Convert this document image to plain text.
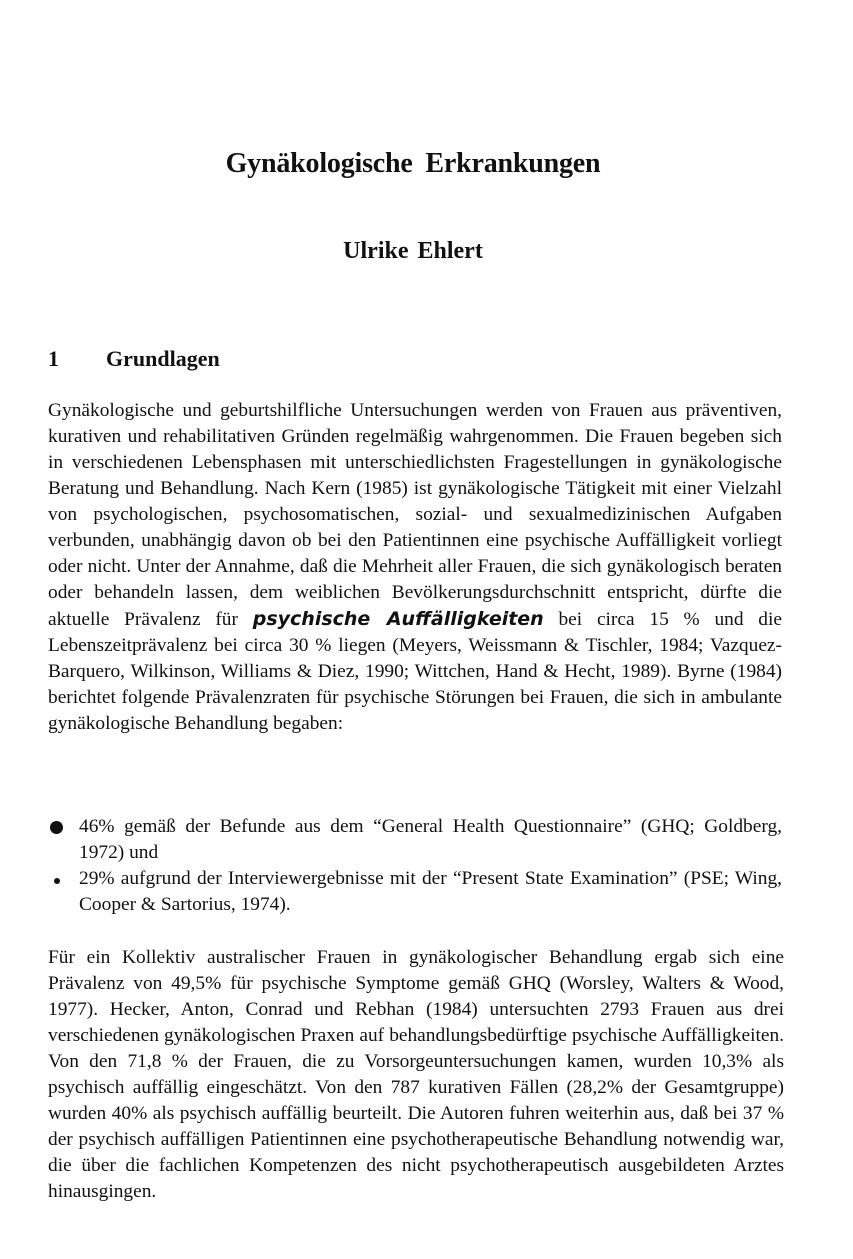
Gynäkologische Erkrankungen
Ulrike Ehlert
1 Grundlagen

Gynäkologische und geburtshilfliche Untersuchungen werden von Frauen aus präventiven, kurativen und rehabilitativen Gründen regelmäßig wahrgenommen. Die Frauen begeben sich in verschiedenen Lebensphasen mit unterschiedlichsten Fragestellungen in gynäkologische Beratung und Behandlung. Nach Kern (1985) ist gynäkologische Tätigkeit mit einer Vielzahl von psychologischen, psychosomatischen, sozial- und sexualmedizinischen Aufgaben verbunden, unabhängig davon ob bei den Patientinnen eine psychische Auffälligkeit vorliegt oder nicht. Unter der Annahme, daß die Mehrheit aller Frauen, die sich gynäkologisch beraten oder behandeln lassen, dem weiblichen Bevölkerungsdurchschnitt entspricht, dürfte die aktuelle Prävalenz für psychische Auffälligkeiten bei circa 15 % und die Lebenszeitprävalenz bei circa 30 % liegen (Meyers, Weissmann & Tischler, 1984; Vazquez-Barquero, Wilkinson, Williams & Diez, 1990; Wittchen, Hand & Hecht, 1989). Byrne (1984) berichtet folgende Prävalenzraten für psychische Störungen bei Frauen, die sich in ambulante gynäkologische Behandlung begaben:

46% gemäß der Befunde aus dem “General Health Questionnaire” (GHQ; Goldberg, 1972) und
29% aufgrund der Interviewergebnisse mit der “Present State Examination” (PSE; Wing, Cooper & Sartorius, 1974).

Für ein Kollektiv australischer Frauen in gynäkologischer Behandlung ergab sich eine Prävalenz von 49,5% für psychische Symptome gemäß GHQ (Worsley, Walters & Wood, 1977). Hecker, Anton, Conrad und Rebhan (1984) untersuchten 2793 Frauen aus drei verschiedenen gynäkologischen Praxen auf behandlungsbedürftige psychische Auffälligkeiten. Von den 71,8 % der Frauen, die zu Vorsorgeuntersuchungen kamen, wurden 10,3% als psychisch auffällig eingeschätzt. Von den 787 kurativen Fällen (28,2% der Gesamtgruppe) wurden 40% als psychisch auffällig beurteilt. Die Autoren fuhren weiterhin aus, daß bei 37 % der psychisch auffälligen Patientinnen eine psychotherapeutische Behandlung notwendig war, die über die fachlichen Kompetenzen des nicht psychotherapeutisch ausgebildeten Arztes hinausgingen.
